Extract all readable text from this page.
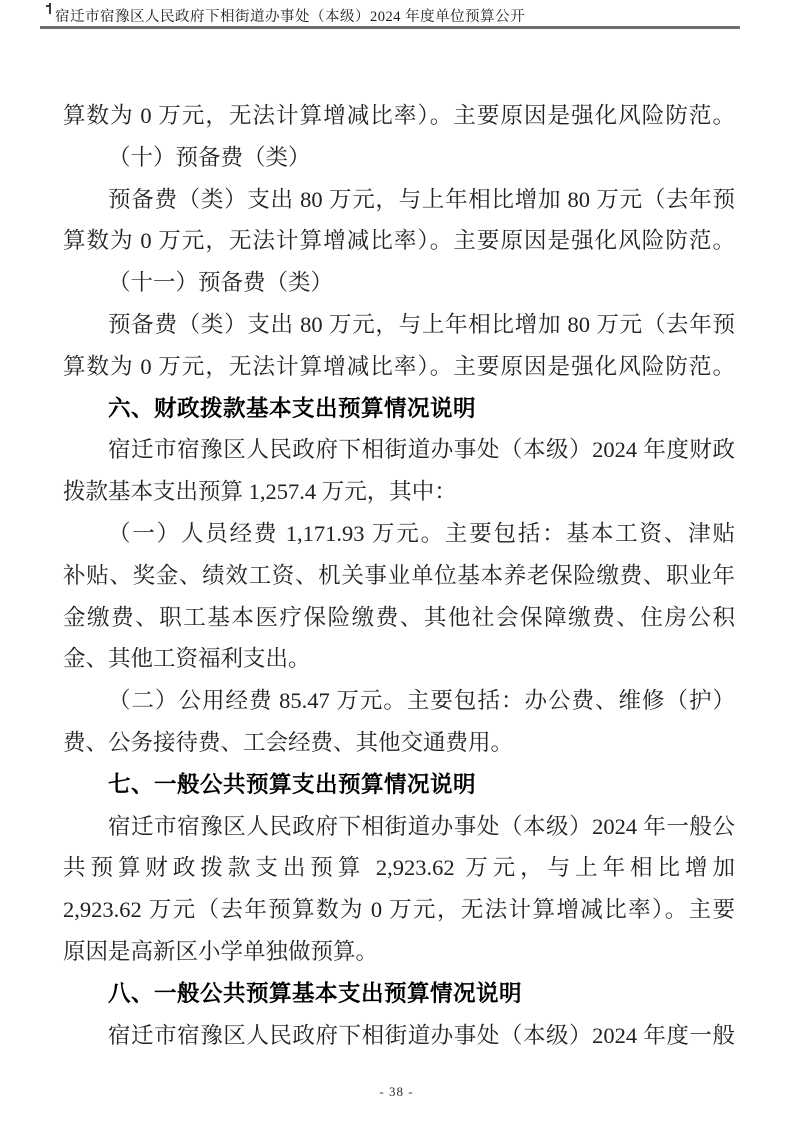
宿迁市宿豫区人民政府下相街道办事处（本级）2024 年度单位预算公开
算数为 0 万元，无法计算增减比率）。主要原因是强化风险防范。
（十）预备费（类）
预备费（类）支出 80 万元，与上年相比增加 80 万元（去年预
算数为 0 万元，无法计算增减比率）。主要原因是强化风险防范。
（十一）预备费（类）
预备费（类）支出 80 万元，与上年相比增加 80 万元（去年预
算数为 0 万元，无法计算增减比率）。主要原因是强化风险防范。
六、财政拨款基本支出预算情况说明
宿迁市宿豫区人民政府下相街道办事处（本级）2024 年度财政
拨款基本支出预算 1,257.4 万元，其中：
（一）人员经费 1,171.93 万元。主要包括：基本工资、津贴
补贴、奖金、绩效工资、机关事业单位基本养老保险缴费、职业年
金缴费、职工基本医疗保险缴费、其他社会保障缴费、住房公积
金、其他工资福利支出。
（二）公用经费 85.47 万元。主要包括：办公费、维修（护）
费、公务接待费、工会经费、其他交通费用。
七、一般公共预算支出预算情况说明
宿迁市宿豫区人民政府下相街道办事处（本级）2024 年一般公
共预算财政拨款支出预算 2,923.62 万元，与上年相比增加
2,923.62 万元（去年预算数为 0 万元，无法计算增减比率）。主要
原因是高新区小学单独做预算。
八、一般公共预算基本支出预算情况说明
宿迁市宿豫区人民政府下相街道办事处（本级）2024 年度一般
- 38 -
